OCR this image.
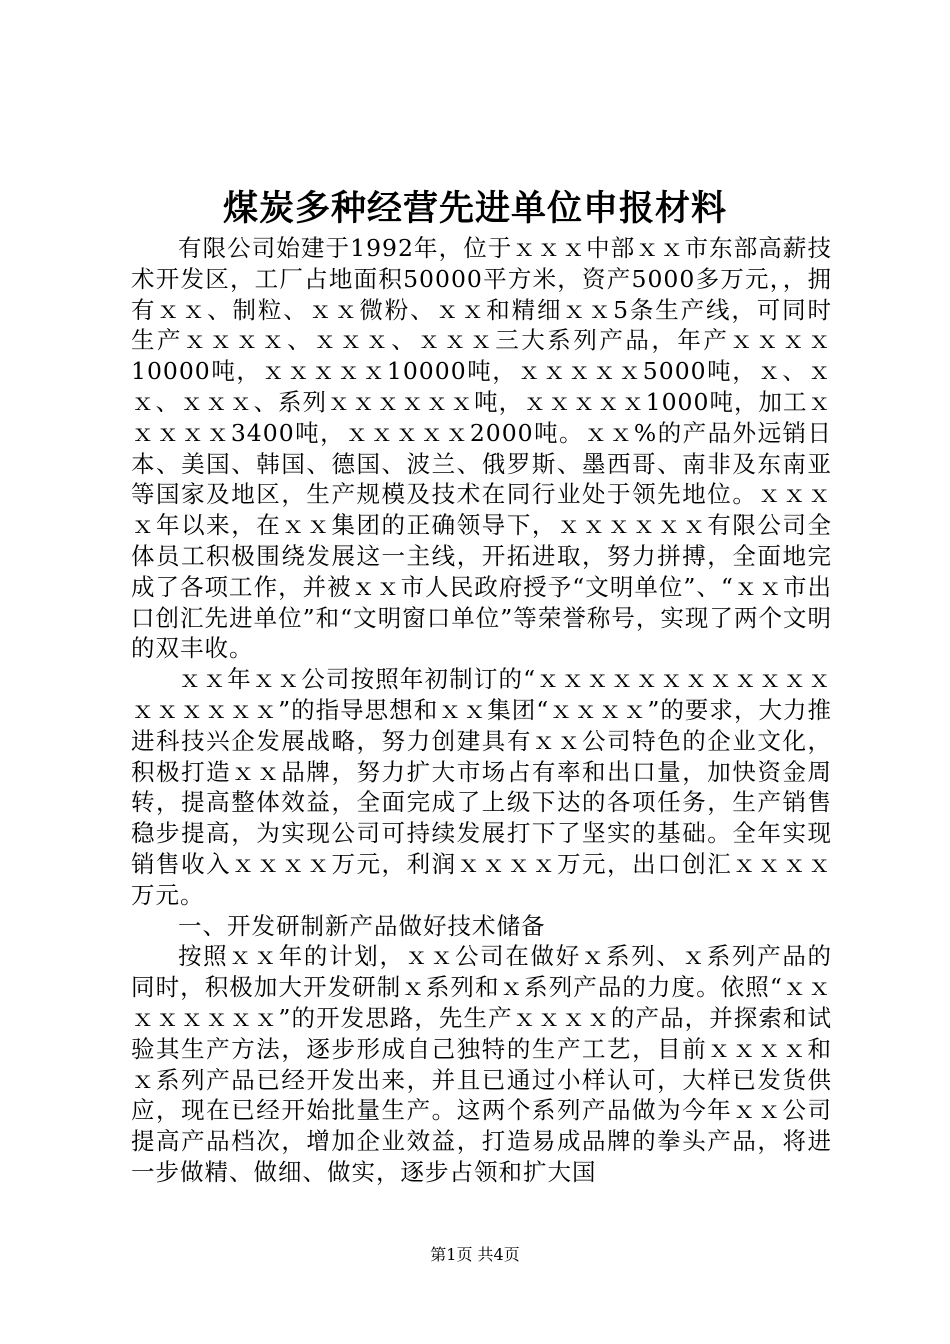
煤炭多种经营先进单位申报材料

有限公司始建于1992年，位于ｘｘｘ中部ｘｘ市东部高薪技术开发区，工厂占地面积50000平方米，资产5000多万元，，拥有ｘｘ、制粒、ｘｘ微粉、ｘｘ和精细ｘｘ5条生产线，可同时生产ｘｘｘｘ、ｘｘｘ、ｘｘｘ三大系列产品，年产ｘｘｘｘ10000吨，ｘｘｘｘｘ10000吨，ｘｘｘｘｘ5000吨，ｘ、ｘｘ、ｘｘｘ、系列ｘｘｘｘｘｘ吨，ｘｘｘｘｘ1000吨，加工ｘｘｘｘｘ3400吨，ｘｘｘｘｘ2000吨。ｘｘ%的产品外远销日本、美国、韩国、德国、波兰、俄罗斯、墨西哥、南非及东南亚等国家及地区，生产规模及技术在同行业处于领先地位。ｘｘｘｘ年以来，在ｘｘ集团的正确领导下，ｘｘｘｘｘｘ有限公司全体员工积极围绕发展这一主线，开拓进取，努力拼搏，全面地完成了各项工作，并被ｘｘ市人民政府授予“文明单位”、“ｘｘ市出口创汇先进单位”和“文明窗口单位”等荣誉称号，实现了两个文明的双丰收。

ｘｘ年ｘｘ公司按照年初制订的“ｘｘｘｘｘｘｘｘｘｘｘｘｘｘｘｘｘｘ”的指导思想和ｘｘ集团“ｘｘｘｘ”的要求，大力推进科技兴企发展战略，努力创建具有ｘｘ公司特色的企业文化，积极打造ｘｘ品牌，努力扩大市场占有率和出口量，加快资金周转，提高整体效益，全面完成了上级下达的各项任务，生产销售稳步提高，为实现公司可持续发展打下了坚实的基础。全年实现销售收入ｘｘｘｘ万元，利润ｘｘｘｘ万元，出口创汇ｘｘｘｘ万元。

一、开发研制新产品做好技术储备

按照ｘｘ年的计划，ｘｘ公司在做好ｘ系列、ｘ系列产品的同时，积极加大开发研制ｘ系列和ｘ系列产品的力度。依照“ｘｘｘｘｘｘｘｘ”的开发思路，先生产ｘｘｘｘ的产品，并探索和试验其生产方法，逐步形成自己独特的生产工艺，目前ｘｘｘｘ和ｘ系列产品已经开发出来，并且已通过小样认可，大样已发货供应，现在已经开始批量生产。这两个系列产品做为今年ｘｘ公司提高产品档次，增加企业效益，打造易成品牌的拳头产品，将进一步做精、做细、做实，逐步占领和扩大国

第1页 共4页
